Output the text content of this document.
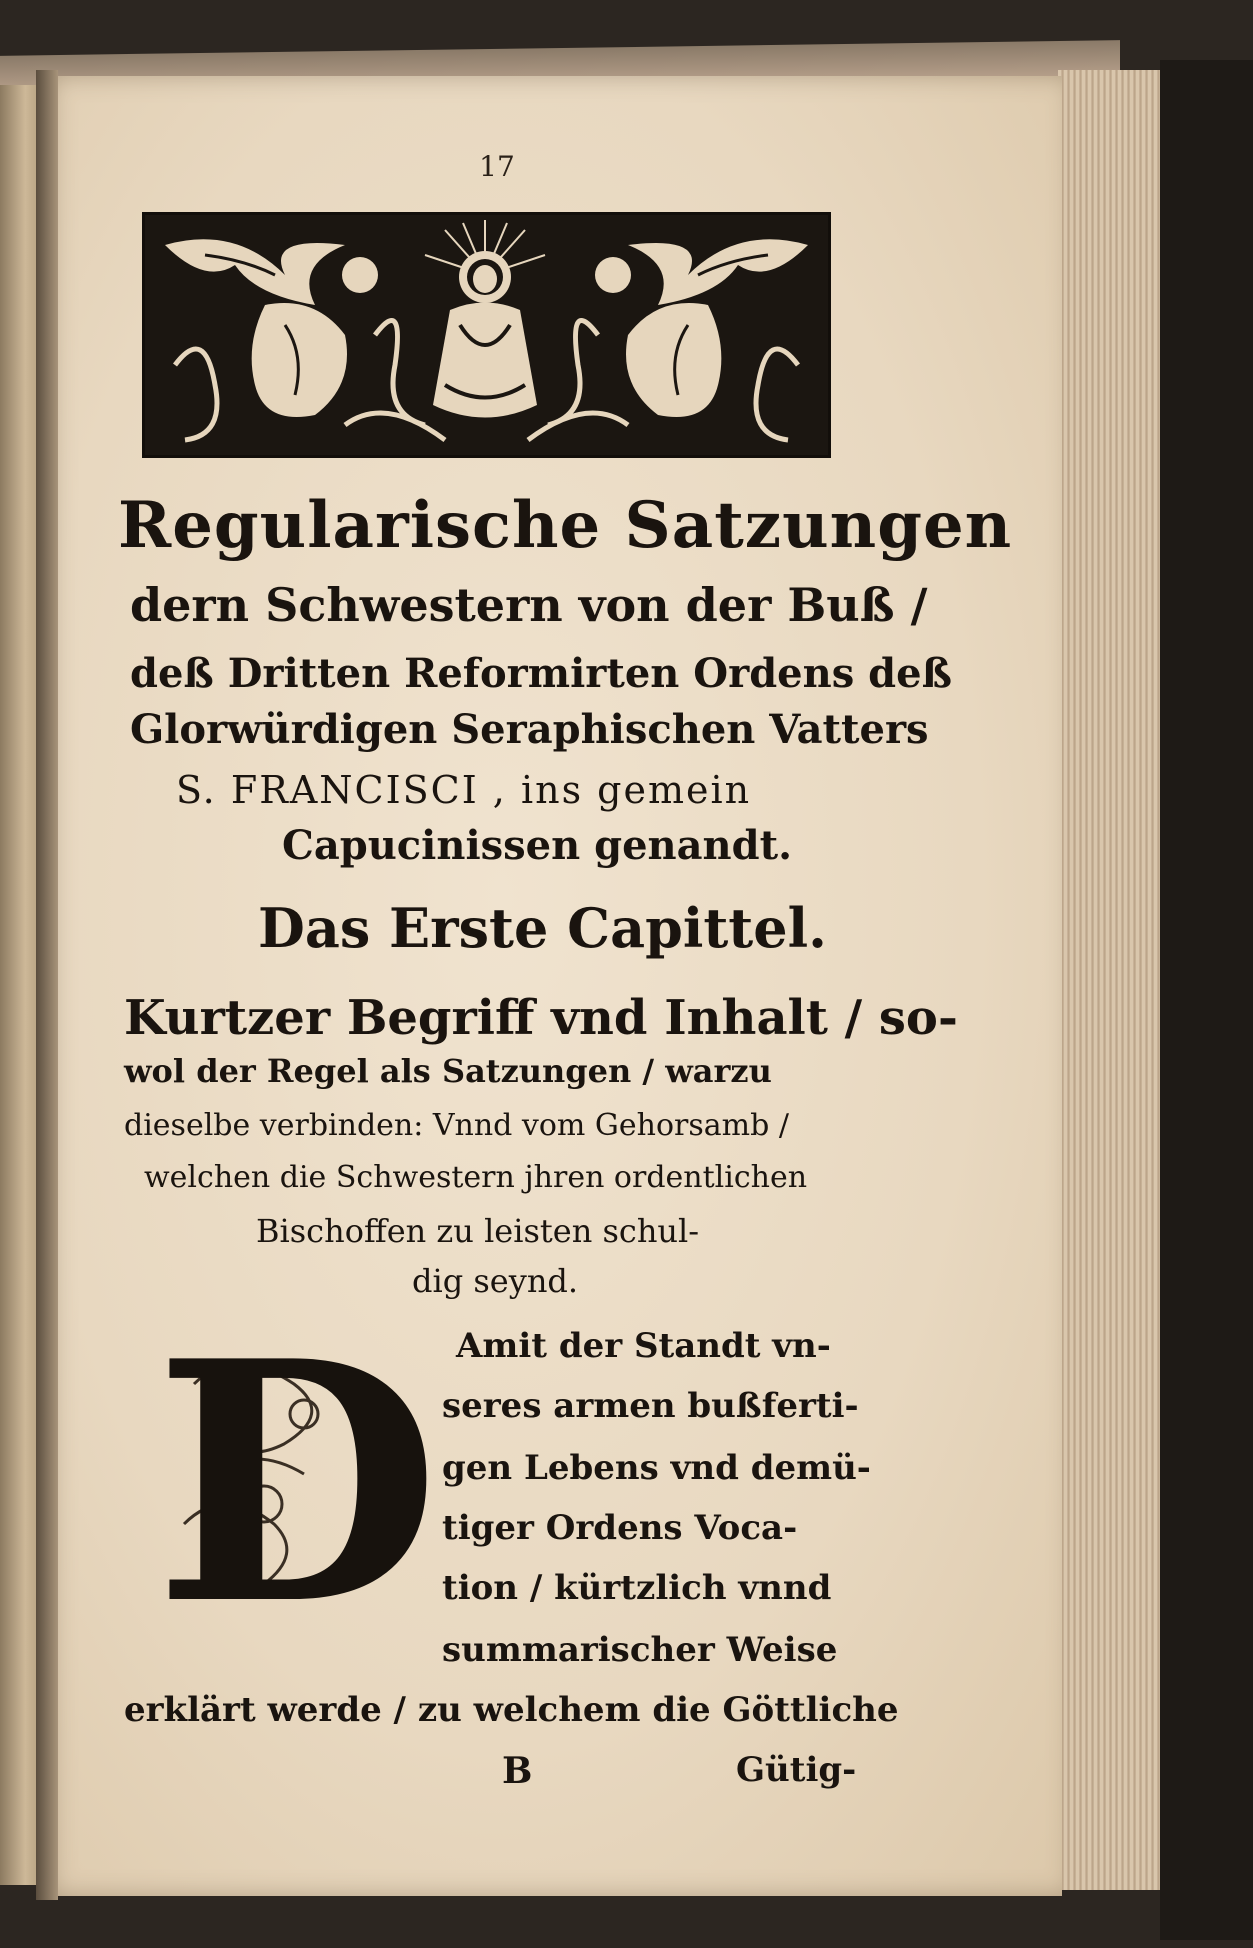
17
Regularische Satzungen
dern Schwestern von der Buß /
deß Dritten Reformirten Ordens deß
Glorwürdigen Seraphischen Vatters
S. FRANCISCI , ins gemein
Capucinissen genandt.
Das Erste Capittel.
Kurtzer Begriff vnd Inhalt / so-
wol der Regel als Satzungen / warzu
dieselbe verbinden: Vnnd vom Gehorsamb /
welchen die Schwestern jhren ordentlichen
Bischoffen zu leisten schul-
dig seynd.
D Amit der Standt vn-
seres armen bußferti-
gen Lebens vnd demü-
tiger Ordens Voca-
tion / kürtzlich vnnd
summarischer Weise
erklärt werde / zu welchem die Göttliche
B	Gütig-
